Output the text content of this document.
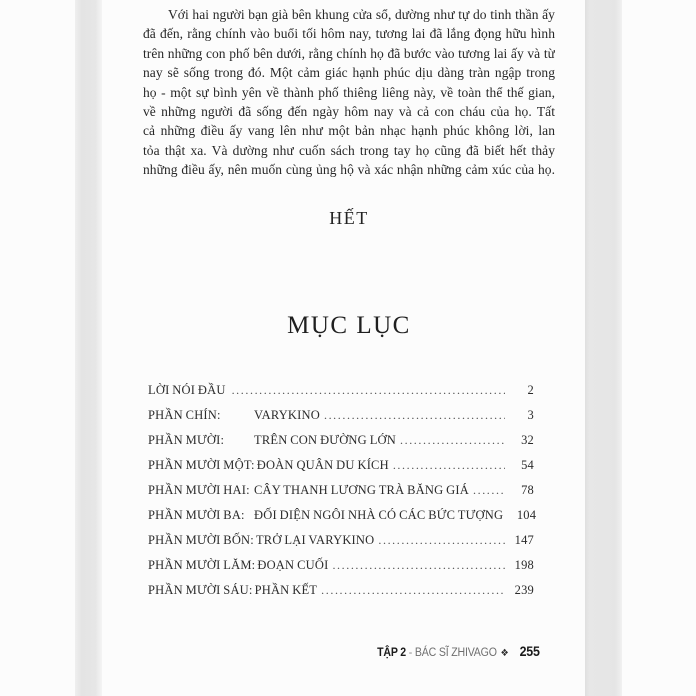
Với hai người bạn già bên khung cửa sổ, dường như tự do tinh thần ấy
đã đến, rằng chính vào buổi tối hôm nay, tương lai đã lắng đọng hữu hình
trên những con phố bên dưới, rằng chính họ đã bước vào tương lai ấy và từ
nay sẽ sống trong đó. Một cảm giác hạnh phúc dịu dàng tràn ngập trong
họ - một sự bình yên về thành phố thiêng liêng này, về toàn thể thế gian,
về những người đã sống đến ngày hôm nay và cả con cháu của họ. Tất
cả những điều ấy vang lên như một bản nhạc hạnh phúc không lời, lan
tỏa thật xa. Và dường như cuốn sách trong tay họ cũng đã biết hết thảy
những điều ấy, nên muốn cùng ủng hộ và xác nhận những cảm xúc của họ.
HẾT
MỤC LỤC
LỜI NÓI ĐẦU .....	2
PHẦN CHÍN:	VARYKINO .....	3
PHẦN MƯỜI:	TRÊN CON ĐƯỜNG LỚN .....	32
PHẦN MƯỜI MỘT: ĐOÀN QUÂN DU KÍCH .....	54
PHẦN MƯỜI HAI: CÂY THANH LƯƠNG TRÀ BĂNG GIÁ .....	78
PHẦN MƯỜI BA: ĐỐI DIỆN NGÔI NHÀ CÓ CÁC BỨC TƯỢNG	104
PHẦN MƯỜI BỐN: TRỞ LẠI VARYKINO .....	147
PHẦN MƯỜI LĂM: ĐOẠN CUỐI .....	198
PHẦN MƯỜI SÁU: PHẦN KẾT .....	239
TẬP 2 - BÁC SĨ ZHIVAGO ❖ 255
